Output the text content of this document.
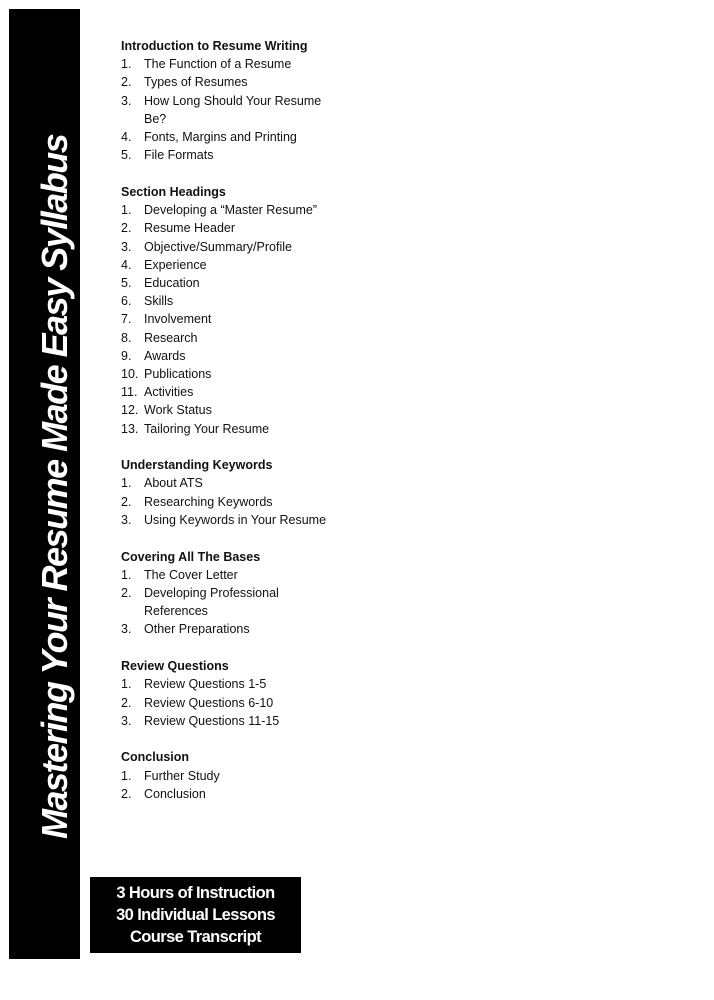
Mastering Your Resume Made Easy Syllabus
Introduction to Resume Writing
1.	The Function of a Resume
2.	Types of Resumes
3.	How Long Should Your Resume Be?
4.	Fonts, Margins and Printing
5.	File Formats
Section Headings
1.	Developing a “Master Resume”
2.	Resume Header
3.	Objective/Summary/Profile
4.	Experience
5.	Education
6.	Skills
7.	Involvement
8.	Research
9.	Awards
10. Publications
11. Activities
12. Work Status
13. Tailoring Your Resume
Understanding Keywords
1.	About ATS
2.	Researching Keywords
3.	Using Keywords in Your Resume
Covering All The Bases
1.	The Cover Letter
2.	Developing Professional References
3.	Other Preparations
Review Questions
1.	Review Questions 1-5
2.	Review Questions 6-10
3.	Review Questions 11-15
Conclusion
1.	Further Study
2.	Conclusion
3 Hours of Instruction
30 Individual Lessons
Course Transcript
